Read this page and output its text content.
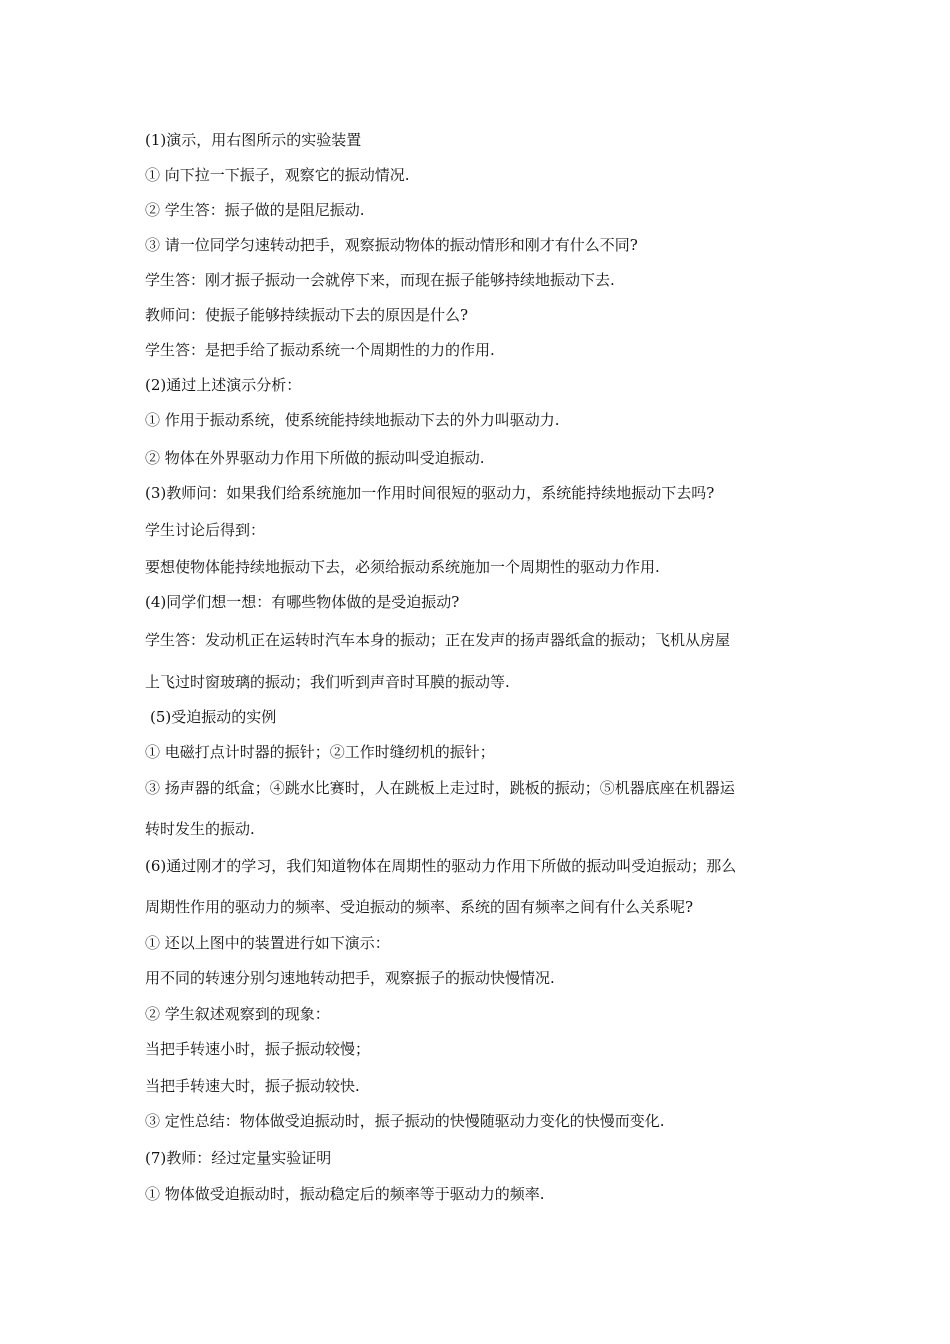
(1)演示，用右图所示的实验装置
① 向下拉一下振子，观察它的振动情况.
② 学生答：振子做的是阻尼振动.
③ 请一位同学匀速转动把手，观察振动物体的振动情形和刚才有什么不同?
学生答：刚才振子振动一会就停下来，而现在振子能够持续地振动下去.
教师问：使振子能够持续振动下去的原因是什么?
学生答：是把手给了振动系统一个周期性的力的作用.
(2)通过上述演示分析：
① 作用于振动系统，使系统能持续地振动下去的外力叫驱动力.
② 物体在外界驱动力作用下所做的振动叫受迫振动.
(3)教师问：如果我们给系统施加一作用时间很短的驱动力，系统能持续地振动下去吗?
学生讨论后得到：
要想使物体能持续地振动下去，必须给振动系统施加一个周期性的驱动力作用.
(4)同学们想一想：有哪些物体做的是受迫振动?
学生答：发动机正在运转时汽车本身的振动；正在发声的扬声器纸盒的振动；飞机从房屋
上飞过时窗玻璃的振动；我们听到声音时耳膜的振动等.
(5)受迫振动的实例
① 电磁打点计时器的振针；②工作时缝纫机的振针；
③ 扬声器的纸盒；④跳水比赛时，人在跳板上走过时，跳板的振动；⑤机器底座在机器运
转时发生的振动.
(6)通过刚才的学习，我们知道物体在周期性的驱动力作用下所做的振动叫受迫振动；那么
周期性作用的驱动力的频率、受迫振动的频率、系统的固有频率之间有什么关系呢?
① 还以上图中的装置进行如下演示：
用不同的转速分别匀速地转动把手，观察振子的振动快慢情况.
② 学生叙述观察到的现象：
当把手转速小时，振子振动较慢；
当把手转速大时，振子振动较快.
③ 定性总结：物体做受迫振动时，振子振动的快慢随驱动力变化的快慢而变化.
(7)教师：经过定量实验证明
① 物体做受迫振动时，振动稳定后的频率等于驱动力的频率.
